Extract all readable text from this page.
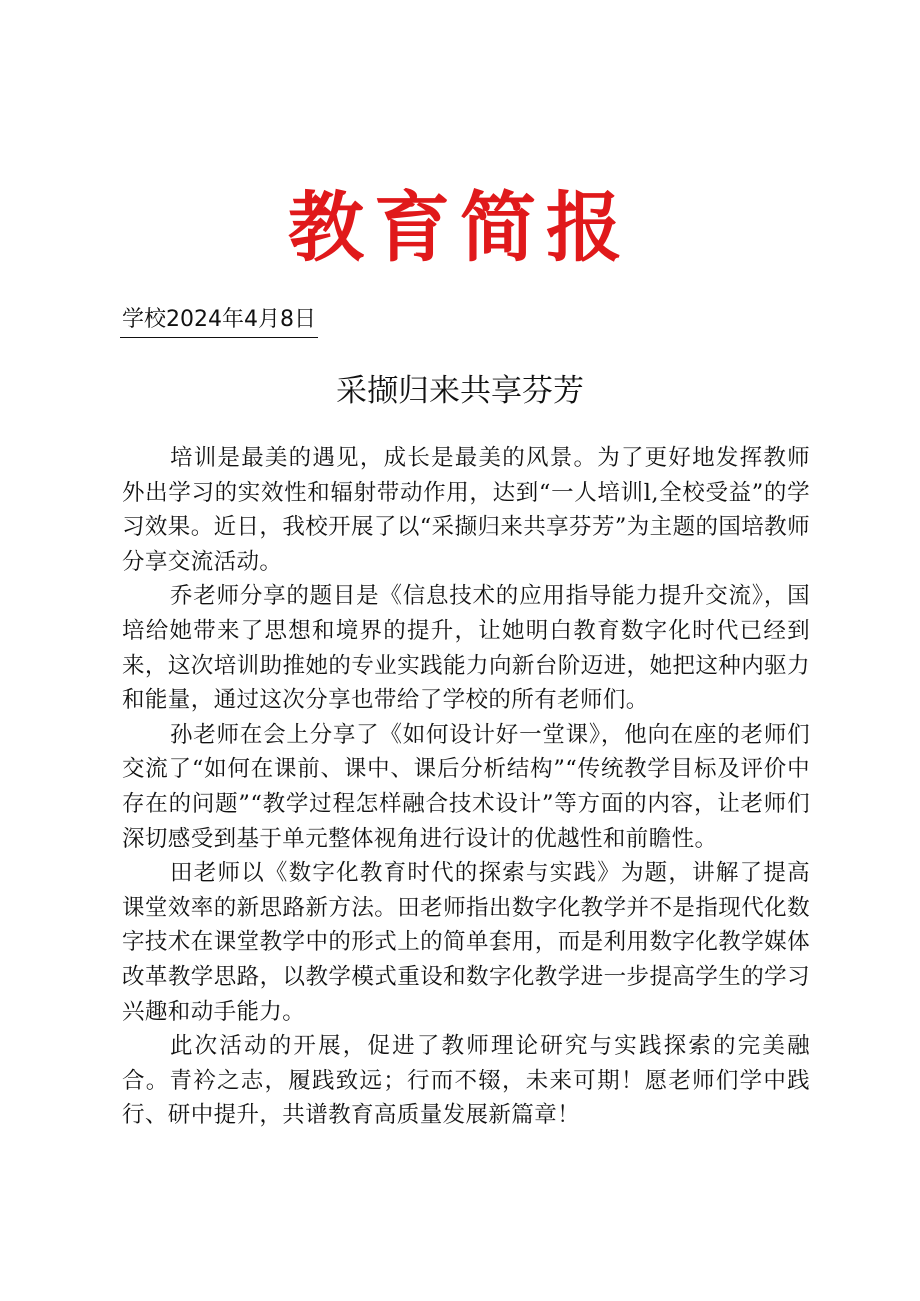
教育简报
学校2024年4月8日
采撷归来共享芬芳

培训是最美的遇见，成长是最美的风景。为了更好地发挥教师外出学习的实效性和辐射带动作用，达到“一人培训l,全校受益”的学习效果。近日，我校开展了以“采撷归来共享芬芳”为主题的国培教师分享交流活动。

乔老师分享的题目是《信息技术的应用指导能力提升交流》，国培给她带来了思想和境界的提升，让她明白教育数字化时代已经到来，这次培训助推她的专业实践能力向新台阶迈进，她把这种内驱力和能量，通过这次分享也带给了学校的所有老师们。

孙老师在会上分享了《如何设计好一堂课》，他向在座的老师们交流了“如何在课前、课中、课后分析结构”“传统教学目标及评价中存在的问题”“教学过程怎样融合技术设计”等方面的内容，让老师们深切感受到基于单元整体视角进行设计的优越性和前瞻性。

田老师以《数字化教育时代的探索与实践》为题，讲解了提高课堂效率的新思路新方法。田老师指出数字化教学并不是指现代化数字技术在课堂教学中的形式上的简单套用，而是利用数字化教学媒体改革教学思路，以教学模式重设和数字化教学进一步提高学生的学习兴趣和动手能力。

此次活动的开展，促进了教师理论研究与实践探索的完美融合。青衿之志，履践致远；行而不辍，未来可期！愿老师们学中践行、研中提升，共谱教育高质量发展新篇章！
